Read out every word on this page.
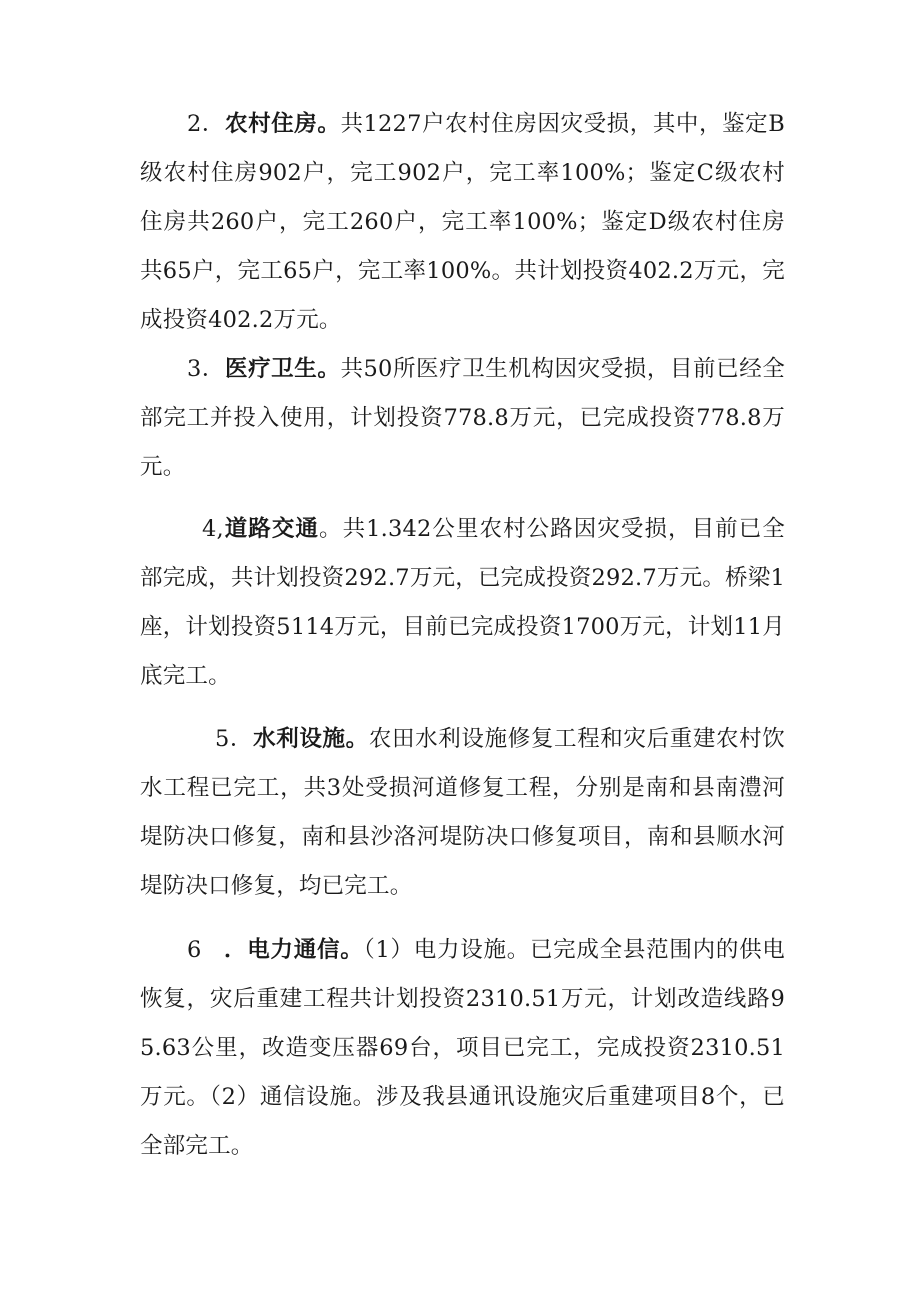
2．农村住房。共1227户农村住房因灾受损，其中，鉴定B级农村住房902户，完工902户，完工率100%；鉴定C级农村住房共260户，完工260户，完工率100%；鉴定D级农村住房共65户，完工65户，完工率100%。共计划投资402.2万元，完成投资402.2万元。

3．医疗卫生。共50所医疗卫生机构因灾受损，目前已经全部完工并投入使用，计划投资778.8万元，已完成投资778.8万元。

4,道路交通。共1.342公里农村公路因灾受损，目前已全部完成，共计划投资292.7万元，已完成投资292.7万元。桥梁1座，计划投资5114万元，目前已完成投资1700万元，计划11月底完工。

5．水利设施。农田水利设施修复工程和灾后重建农村饮水工程已完工，共3处受损河道修复工程，分别是南和县南澧河堤防决口修复，南和县沙洛河堤防决口修复项目，南和县顺水河堤防决口修复，均已完工。

6 ．电力通信。（1）电力设施。已完成全县范围内的供电恢复，灾后重建工程共计划投资2310.51万元，计划改造线路95.63公里，改造变压器69台，项目已完工，完成投资2310.51万元。（2）通信设施。涉及我县通讯设施灾后重建项目8个，已全部完工。
